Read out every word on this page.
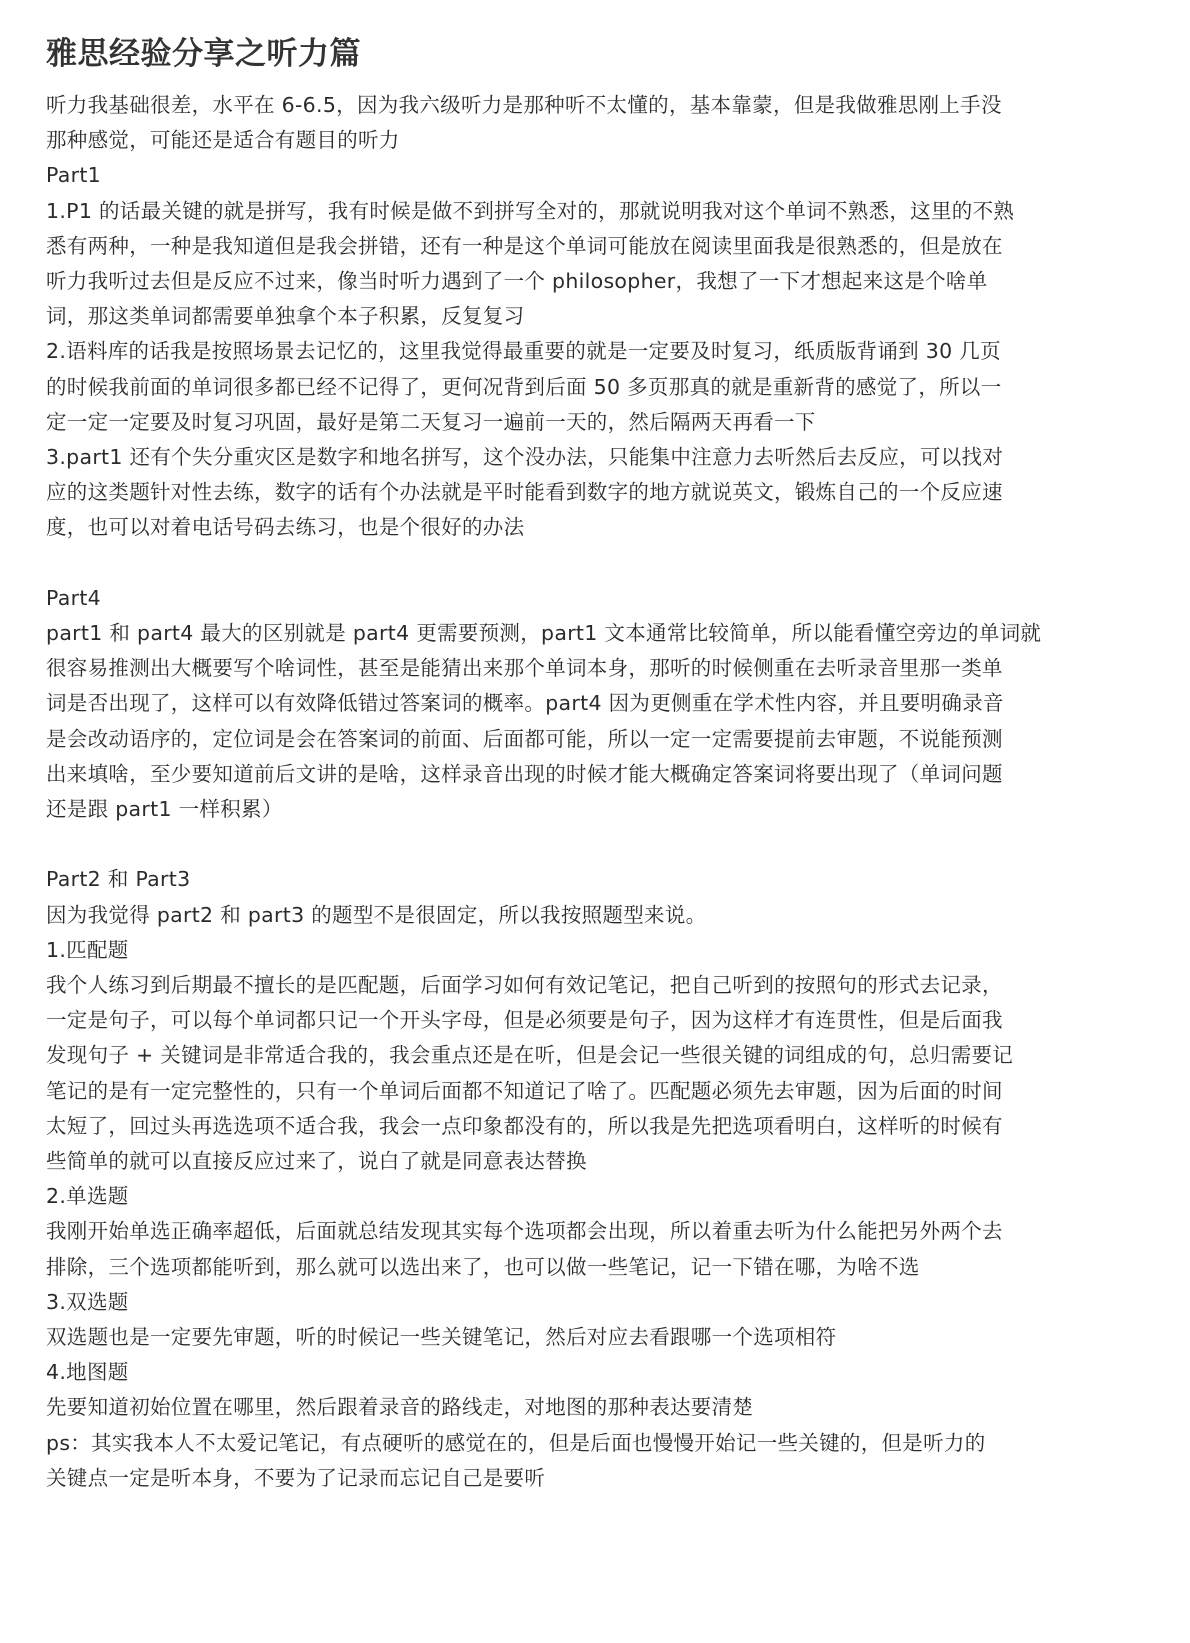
雅思经验分享之听力篇

听力我基础很差，水平在 6-6.5，因为我六级听力是那种听不太懂的，基本靠蒙，但是我做雅思刚上手没

那种感觉，可能还是适合有题目的听力

Part1

1.P1 的话最关键的就是拼写，我有时候是做不到拼写全对的，那就说明我对这个单词不熟悉，这里的不熟

悉有两种，一种是我知道但是我会拼错，还有一种是这个单词可能放在阅读里面我是很熟悉的，但是放在

听力我听过去但是反应不过来，像当时听力遇到了一个 philosopher，我想了一下才想起来这是个啥单

词，那这类单词都需要单独拿个本子积累，反复复习

2.语料库的话我是按照场景去记忆的，这里我觉得最重要的就是一定要及时复习，纸质版背诵到 30 几页

的时候我前面的单词很多都已经不记得了，更何况背到后面 50 多页那真的就是重新背的感觉了，所以一

定一定一定要及时复习巩固，最好是第二天复习一遍前一天的，然后隔两天再看一下

3.part1 还有个失分重灾区是数字和地名拼写，这个没办法，只能集中注意力去听然后去反应，可以找对

应的这类题针对性去练，数字的话有个办法就是平时能看到数字的地方就说英文，锻炼自己的一个反应速

度，也可以对着电话号码去练习，也是个很好的办法

Part4

part1 和 part4 最大的区别就是 part4 更需要预测，part1 文本通常比较简单，所以能看懂空旁边的单词就

很容易推测出大概要写个啥词性，甚至是能猜出来那个单词本身，那听的时候侧重在去听录音里那一类单

词是否出现了，这样可以有效降低错过答案词的概率。part4 因为更侧重在学术性内容，并且要明确录音

是会改动语序的，定位词是会在答案词的前面、后面都可能，所以一定一定需要提前去审题，不说能预测

出来填啥，至少要知道前后文讲的是啥，这样录音出现的时候才能大概确定答案词将要出现了（单词问题

还是跟 part1 一样积累）

Part2 和 Part3

因为我觉得 part2 和 part3 的题型不是很固定，所以我按照题型来说。

1.匹配题

我个人练习到后期最不擅长的是匹配题，后面学习如何有效记笔记，把自己听到的按照句的形式去记录，

一定是句子，可以每个单词都只记一个开头字母，但是必须要是句子，因为这样才有连贯性，但是后面我

发现句子 + 关键词是非常适合我的，我会重点还是在听，但是会记一些很关键的词组成的句，总归需要记

笔记的是有一定完整性的，只有一个单词后面都不知道记了啥了。匹配题必须先去审题，因为后面的时间

太短了，回过头再选选项不适合我，我会一点印象都没有的，所以我是先把选项看明白，这样听的时候有

些简单的就可以直接反应过来了，说白了就是同意表达替换

2.单选题

我刚开始单选正确率超低，后面就总结发现其实每个选项都会出现，所以着重去听为什么能把另外两个去

排除，三个选项都能听到，那么就可以选出来了，也可以做一些笔记，记一下错在哪，为啥不选

3.双选题

双选题也是一定要先审题，听的时候记一些关键笔记，然后对应去看跟哪一个选项相符

4.地图题

先要知道初始位置在哪里，然后跟着录音的路线走，对地图的那种表达要清楚

ps：其实我本人不太爱记笔记，有点硬听的感觉在的，但是后面也慢慢开始记一些关键的，但是听力的

关键点一定是听本身，不要为了记录而忘记自己是要听
